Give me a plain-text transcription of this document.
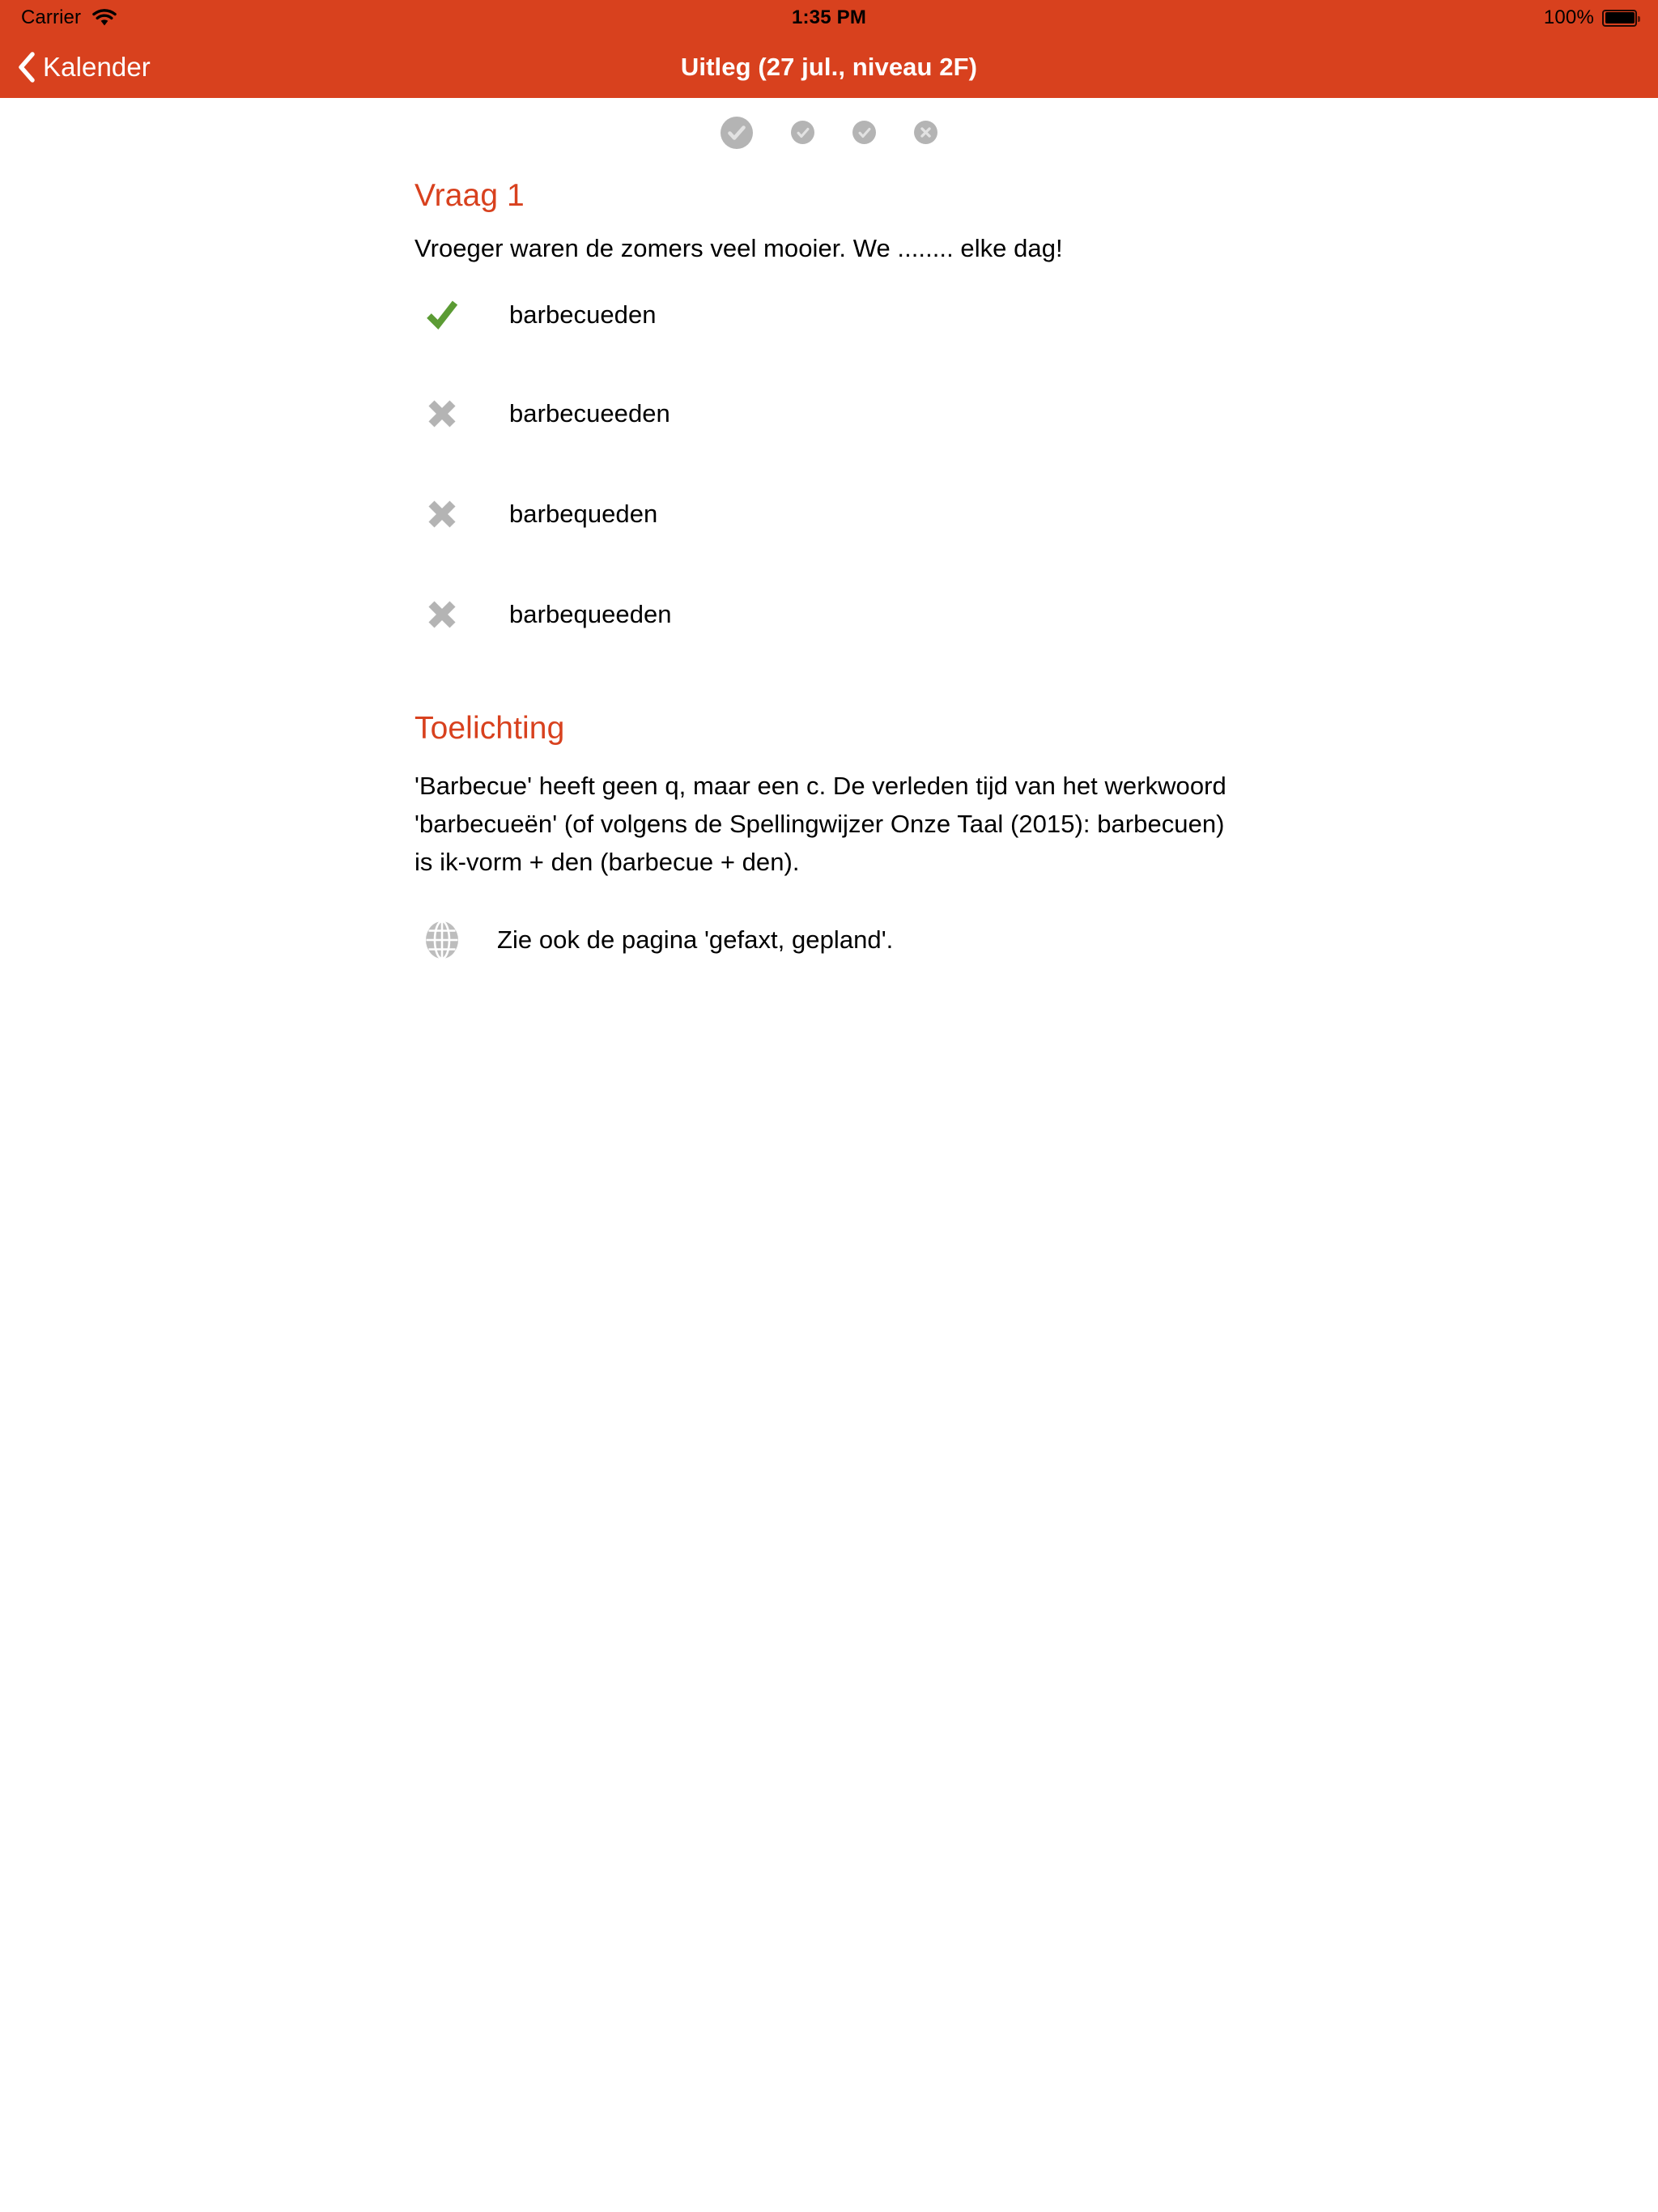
Carrier	1:35 PM	100%
Kalender	Uitleg (27 jul., niveau 2F)
Vraag 1

Vroeger waren de zomers veel mooier. We ........ elke dag!

barbecueden
barbecueeden
barbequeden
barbequeeden
Toelichting

'Barbecue' heeft geen q, maar een c. De verleden tijd van het werkwoord 'barbecueën' (of volgens de Spellingwijzer Onze Taal (2015): barbecuen) is ik-vorm + den (barbecue + den).

Zie ook de pagina 'gefaxt, gepland'.
